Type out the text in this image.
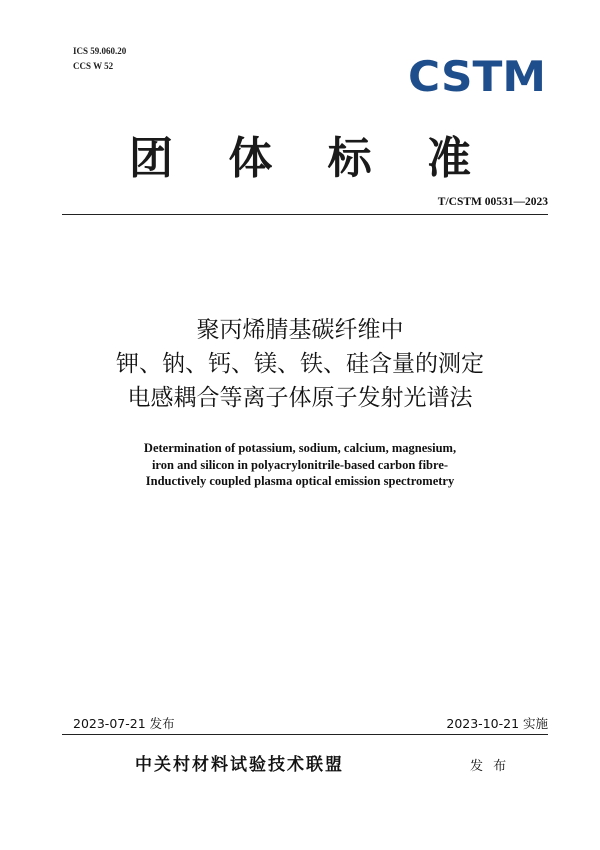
ICS 59.060.20
CCS W 52	CSTM
团 体 标 准
T/CSTM 00531—2023
聚丙烯腈基碳纤维中
钾、钠、钙、镁、铁、硅含量的测定
电感耦合等离子体原子发射光谱法
Determination of potassium, sodium, calcium, magnesium,
iron and silicon in polyacrylonitrile-based carbon fibre-
Inductively coupled plasma optical emission spectrometry
2023-07-21 发布	2023-10-21 实施
中关村材料试验技术联盟	发 布
